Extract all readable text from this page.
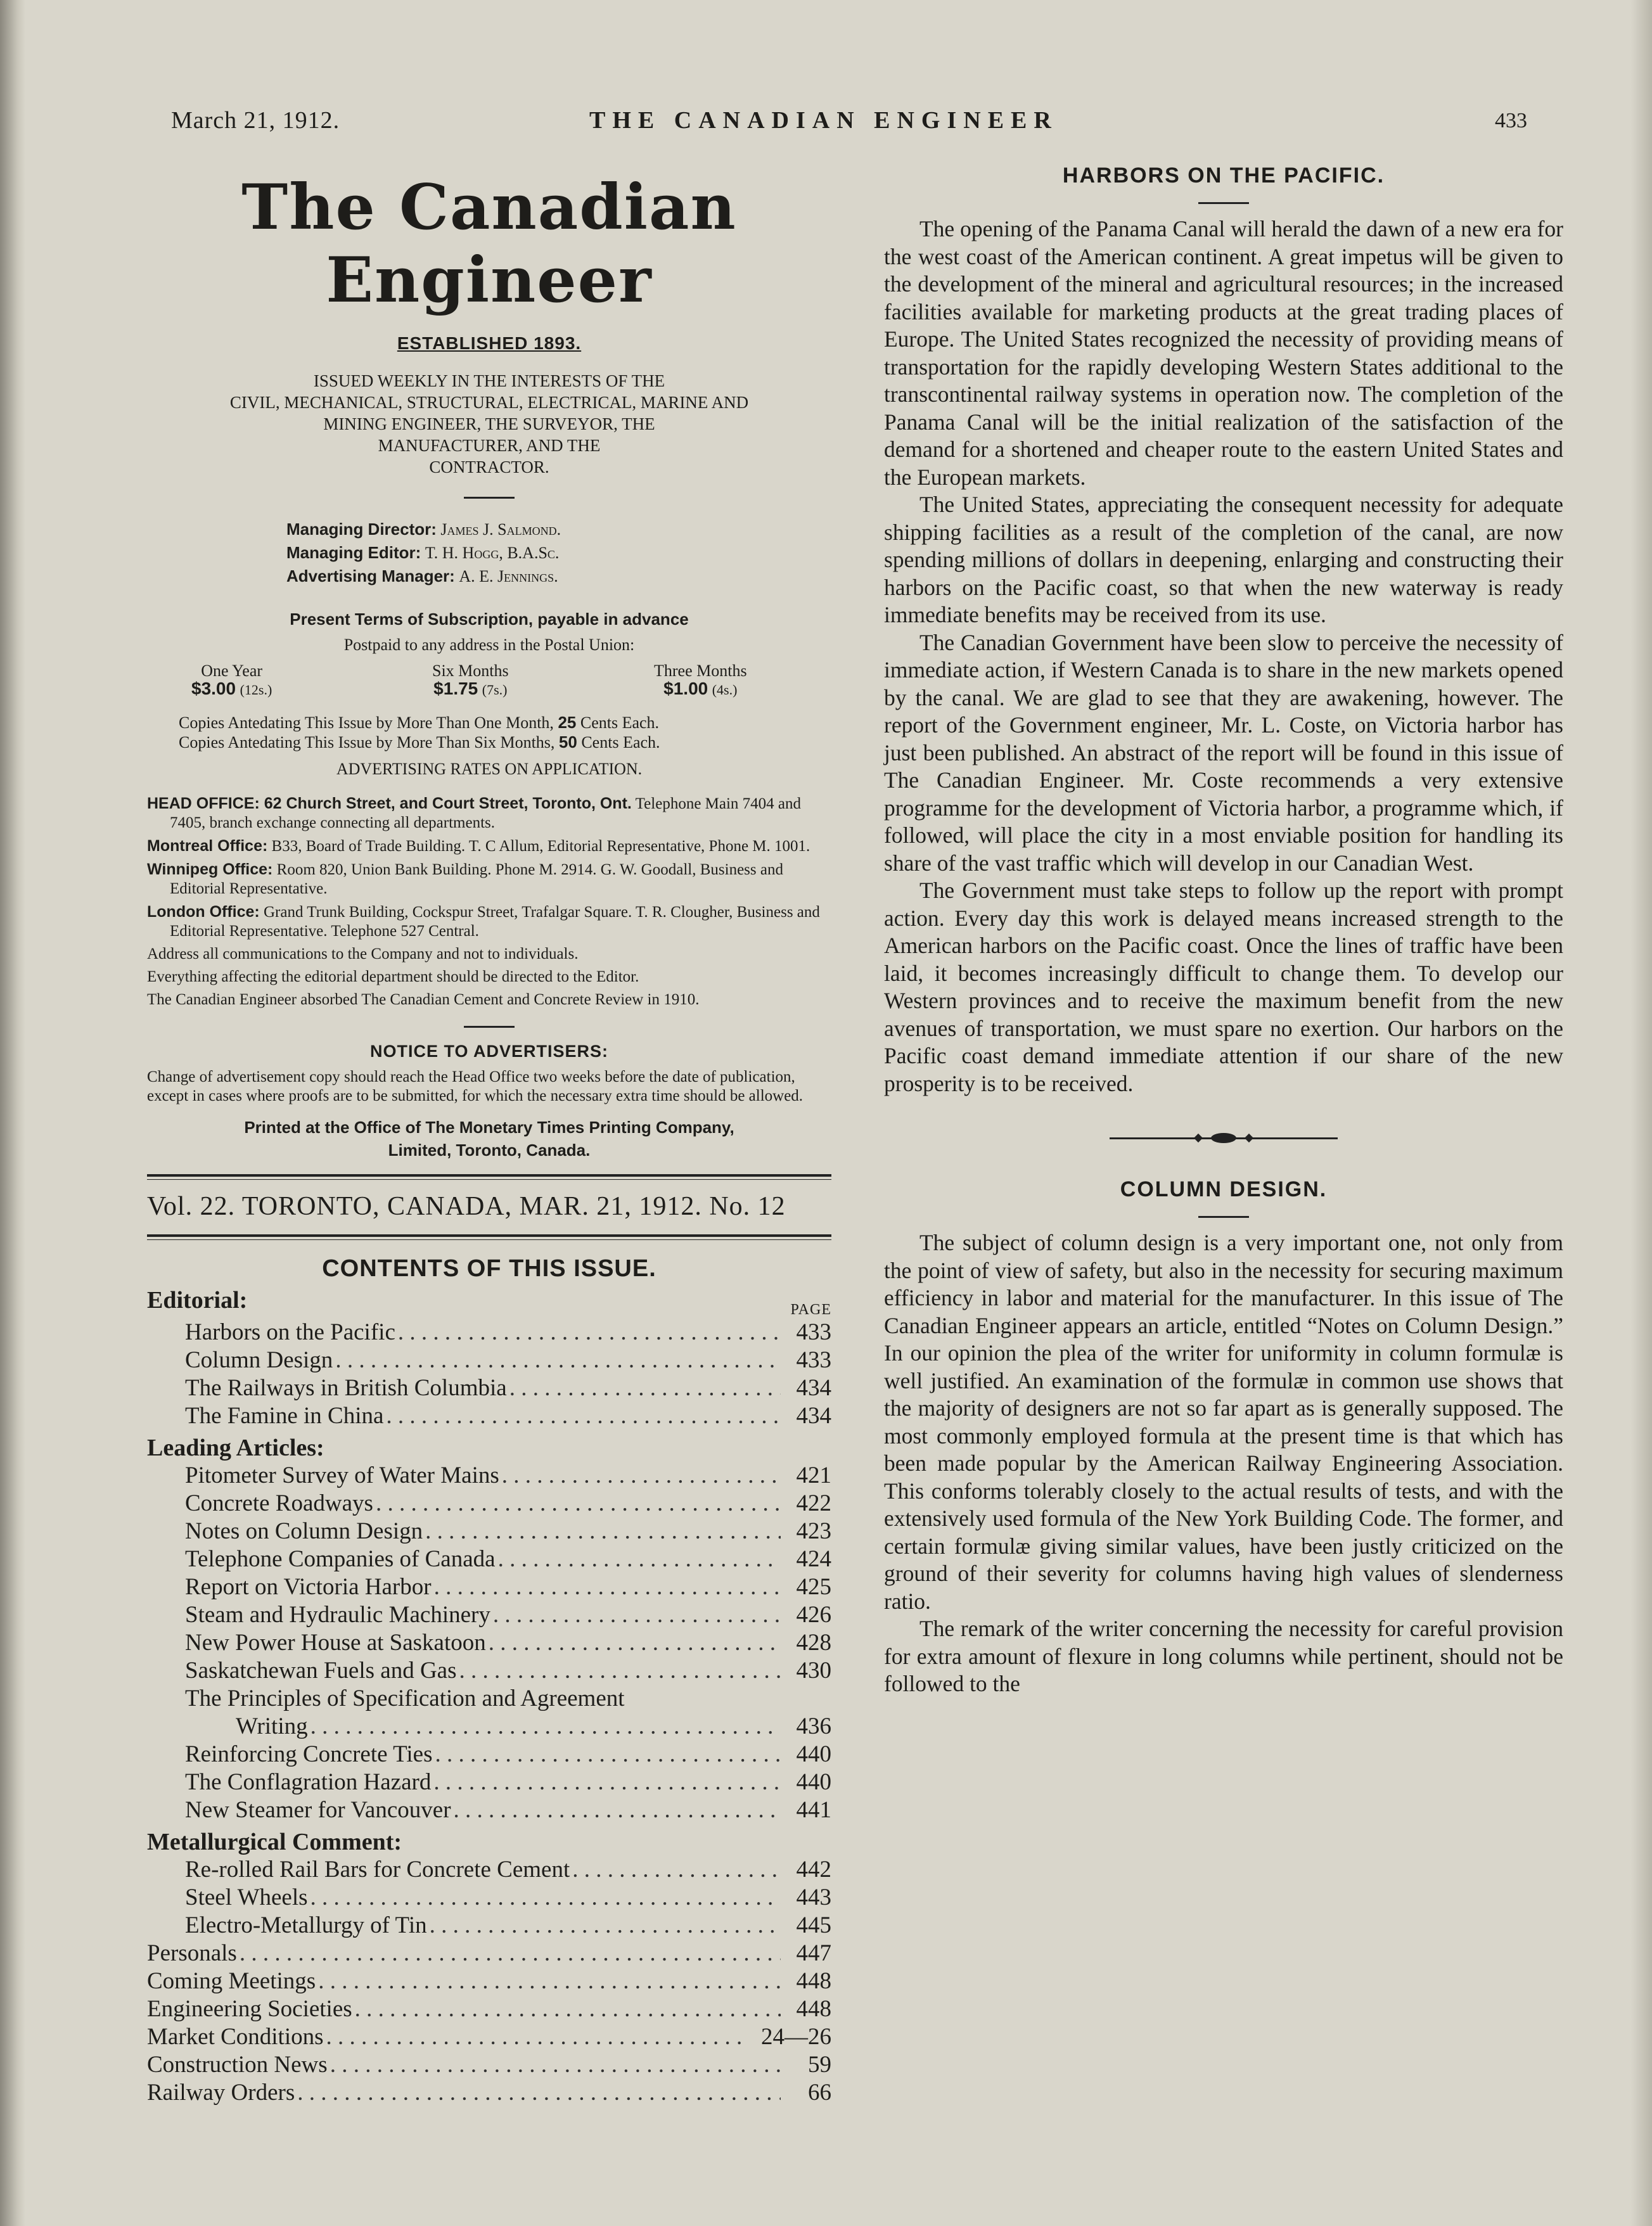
March 21, 1912.	THE CANADIAN ENGINEER	433
The Canadian Engineer
ESTABLISHED 1893.
ISSUED WEEKLY IN THE INTERESTS OF THE
CIVIL, MECHANICAL, STRUCTURAL, ELECTRICAL, MARINE AND
MINING ENGINEER, THE SURVEYOR, THE
MANUFACTURER, AND THE
CONTRACTOR.
Managing Director: James J. Salmond.
Managing Editor: T. H. Hogg, B.A.Sc.
Advertising Manager: A. E. Jennings.
Present Terms of Subscription, payable in advance
Postpaid to any address in the Postal Union:
One Year
$3.00 (12s.)
Six Months
$1.75 (7s.)
Three Months
$1.00 (4s.)
Copies Antedating This Issue by More Than One Month, 25 Cents Each.
Copies Antedating This Issue by More Than Six Months, 50 Cents Each.
ADVERTISING RATES ON APPLICATION.

HEAD OFFICE: 62 Church Street, and Court Street, Toronto, Ont. Telephone Main 7404 and 7405, branch exchange connecting all departments.

Montreal Office: B33, Board of Trade Building. T. C Allum, Editorial Representative, Phone M. 1001.

Winnipeg Office: Room 820, Union Bank Building. Phone M. 2914. G. W. Goodall, Business and Editorial Representative.

London Office: Grand Trunk Building, Cockspur Street, Trafalgar Square. T. R. Clougher, Business and Editorial Representative. Telephone 527 Central.

Address all communications to the Company and not to individuals.

Everything affecting the editorial department should be directed to the Editor.

The Canadian Engineer absorbed The Canadian Cement and Concrete Review in 1910.

NOTICE TO ADVERTISERS:
Change of advertisement copy should reach the Head Office two weeks before the date of publication, except in cases where proofs are to be submitted, for which the necessary extra time should be allowed.
Printed at the Office of The Monetary Times Printing Company,
Limited, Toronto, Canada.
Vol. 22. TORONTO, CANADA, MAR. 21, 1912. No. 12
CONTENTS OF THIS ISSUE.
Editorial:	PAGE
Harbors on the Pacific . . .	433
Column Design . . .	433
The Railways in British Columbia . . .	434
The Famine in China . . .	434
Leading Articles:
Pitometer Survey of Water Mains . . .	421
Concrete Roadways . . .	422
Notes on Column Design . . .	423
Telephone Companies of Canada . . .	424
Report on Victoria Harbor . . .	425
Steam and Hydraulic Machinery . . .	426
New Power House at Saskatoon . . .	428
Saskatchewan Fuels and Gas . . .	430
The Principles of Specification and Agreement
Writing . . .	436
Reinforcing Concrete Ties . . .	440
The Conflagration Hazard . . .	440
New Steamer for Vancouver . . .	441
Metallurgical Comment:
Re-rolled Rail Bars for Concrete Cement . . .	442
Steel Wheels . . .	443
Electro-Metallurgy of Tin . . .	445
Personals . . .	447
Coming Meetings . . .	448
Engineering Societies . . .	448
Market Conditions . . .	24—26
Construction News . . .	59
Railway Orders . . .	66
HARBORS ON THE PACIFIC.

The opening of the Panama Canal will herald the dawn of a new era for the west coast of the American continent. A great impetus will be given to the development of the mineral and agricultural resources; in the increased facilities available for marketing products at the great trading places of Europe. The United States recognized the necessity of providing means of transportation for the rapidly developing Western States additional to the transcontinental railway systems in operation now. The completion of the Panama Canal will be the initial realization of the satisfaction of the demand for a shortened and cheaper route to the eastern United States and the European markets.

The United States, appreciating the consequent necessity for adequate shipping facilities as a result of the completion of the canal, are now spending millions of dollars in deepening, enlarging and constructing their harbors on the Pacific coast, so that when the new waterway is ready immediate benefits may be received from its use.

The Canadian Government have been slow to perceive the necessity of immediate action, if Western Canada is to share in the new markets opened by the canal. We are glad to see that they are awakening, however. The report of the Government engineer, Mr. L. Coste, on Victoria harbor has just been published. An abstract of the report will be found in this issue of The Canadian Engineer. Mr. Coste recommends a very extensive programme for the development of Victoria harbor, a programme which, if followed, will place the city in a most enviable position for handling its share of the vast traffic which will develop in our Canadian West.

The Government must take steps to follow up the report with prompt action. Every day this work is delayed means increased strength to the American harbors on the Pacific coast. Once the lines of traffic have been laid, it becomes increasingly difficult to change them. To develop our Western provinces and to receive the maximum benefit from the new avenues of transportation, we must spare no exertion. Our harbors on the Pacific coast demand immediate attention if our share of the new prosperity is to be received.

COLUMN DESIGN.

The subject of column design is a very important one, not only from the point of view of safety, but also in the necessity for securing maximum efficiency in labor and material for the manufacturer. In this issue of The Canadian Engineer appears an article, entitled “Notes on Column Design.” In our opinion the plea of the writer for uniformity in column formulæ is well justified. An examination of the formulæ in common use shows that the majority of designers are not so far apart as is generally supposed. The most commonly employed formula at the present time is that which has been made popular by the American Railway Engineering Association. This conforms tolerably closely to the actual results of tests, and with the extensively used formula of the New York Building Code. The former, and certain formulæ giving similar values, have been justly criticized on the ground of their severity for columns having high values of slenderness ratio.

The remark of the writer concerning the necessity for careful provision for extra amount of flexure in long columns while pertinent, should not be followed to the
